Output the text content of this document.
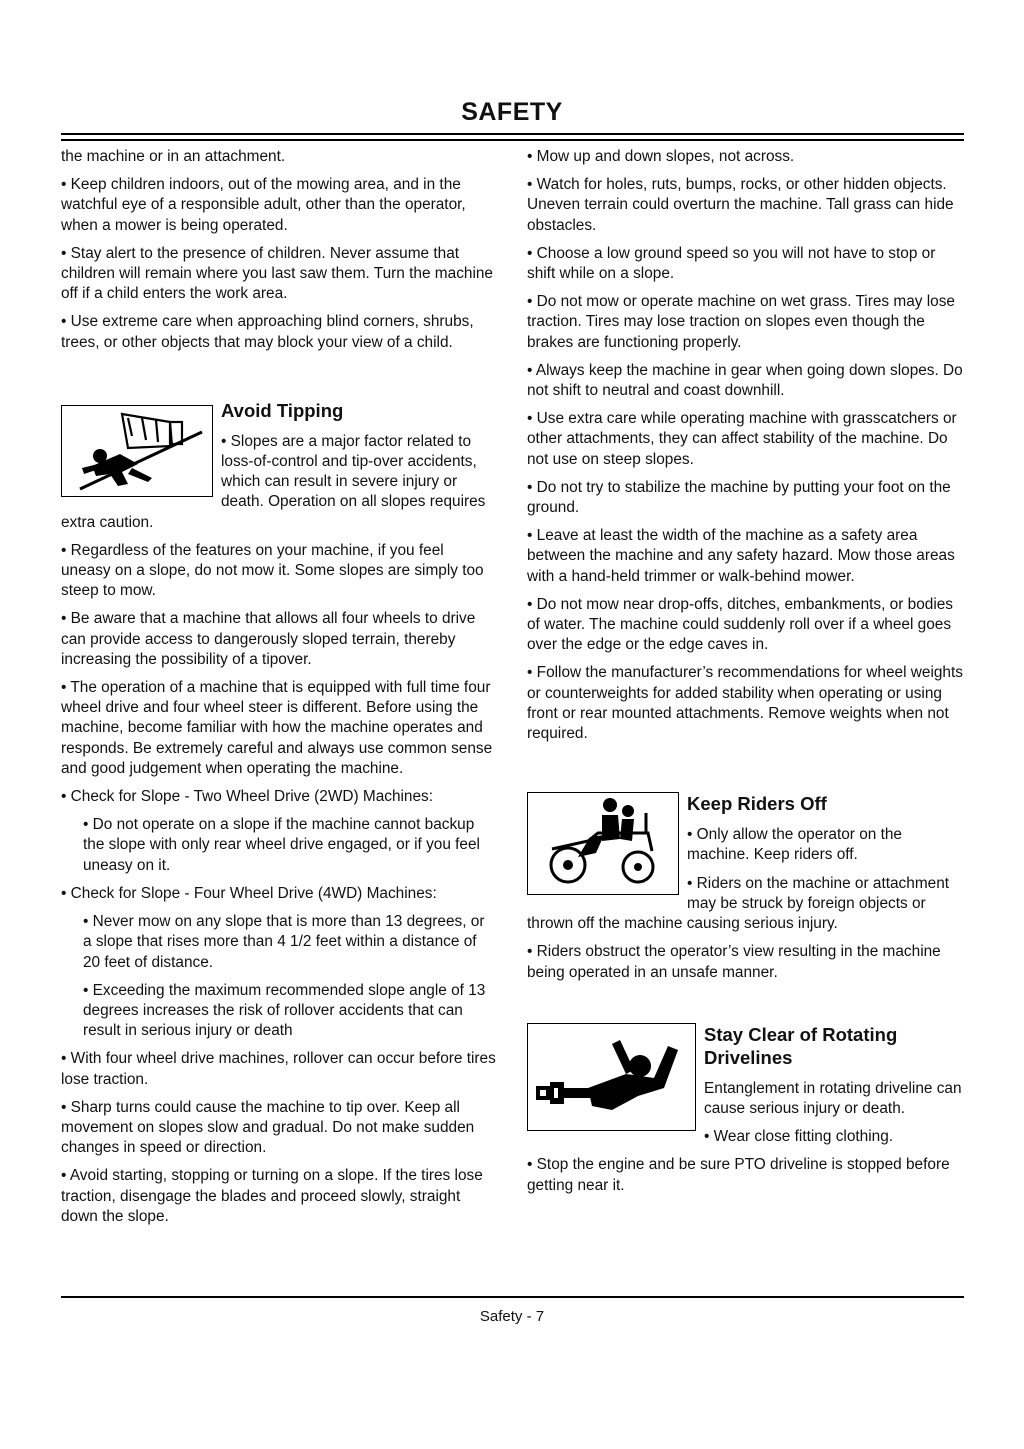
SAFETY

the machine or in an attachment.

• Keep children indoors, out of the mowing area, and in the watchful eye of a responsible adult, other than the operator, when a mower is being operated.

• Stay alert to the presence of children. Never assume that children will remain where you last saw them. Turn the machine off if a child enters the work area.

• Use extreme care when approaching blind corners, shrubs, trees, or other objects that may block your view of a child.

Avoid Tipping

• Slopes are a major factor related to loss-of-control and tip-over accidents, which can result in severe injury or death. Operation on all slopes requires extra caution.

• Regardless of the features on your machine, if you feel uneasy on a slope, do not mow it. Some slopes are simply too steep to mow.

• Be aware that a machine that allows all four wheels to drive can provide access to dangerously sloped terrain, thereby increasing the possibility of a tipover.

• The operation of a machine that is equipped with full time four wheel drive and four wheel steer is different. Before using the machine, become familiar with how the machine operates and responds. Be extremely careful and always use common sense and good judgement when operating the machine.

• Check for Slope - Two Wheel Drive (2WD) Machines:

• Do not operate on a slope if the machine cannot backup the slope with only rear wheel drive engaged, or if you feel uneasy on it.

• Check for Slope - Four Wheel Drive (4WD) Machines:

• Never mow on any slope that is more than 13 degrees, or a slope that rises more than 4 1/2 feet within a distance of 20 feet of distance.

• Exceeding the maximum recommended slope angle of 13 degrees increases the risk of rollover accidents that can result in serious injury or death

• With four wheel drive machines, rollover can occur before tires lose traction.

• Sharp turns could cause the machine to tip over. Keep all movement on slopes slow and gradual. Do not make sudden changes in speed or direction.

• Avoid starting, stopping or turning on a slope. If the tires lose traction, disengage the blades and proceed slowly, straight down the slope.

• Mow up and down slopes, not across.

• Watch for holes, ruts, bumps, rocks, or other hidden objects. Uneven terrain could overturn the machine. Tall grass can hide obstacles.

• Choose a low ground speed so you will not have to stop or shift while on a slope.

• Do not mow or operate machine on wet grass. Tires may lose traction. Tires may lose traction on slopes even though the brakes are functioning properly.

• Always keep the machine in gear when going down slopes. Do not shift to neutral and coast downhill.

• Use extra care while operating machine with grasscatchers or other attachments, they can affect stability of the machine. Do not use on steep slopes.

• Do not try to stabilize the machine by putting your foot on the ground.

• Leave at least the width of the machine as a safety area between the machine and any safety hazard. Mow those areas with a hand-held trimmer or walk-behind mower.

• Do not mow near drop-offs, ditches, embankments, or bodies of water. The machine could suddenly roll over if a wheel goes over the edge or the edge caves in.

• Follow the manufacturer’s recommendations for wheel weights or counterweights for added stability when operating or using front or rear mounted attachments. Remove weights when not required.

Keep Riders Off

• Only allow the operator on the machine. Keep riders off.

• Riders on the machine or attachment may be struck by foreign objects or thrown off the machine causing serious injury.

• Riders obstruct the operator’s view resulting in the machine being operated in an unsafe manner.

Stay Clear of Rotating Drivelines

Entanglement in rotating driveline can cause serious injury or death.

• Wear close fitting clothing.

• Stop the engine and be sure PTO driveline is stopped before getting near it.

Safety - 7
